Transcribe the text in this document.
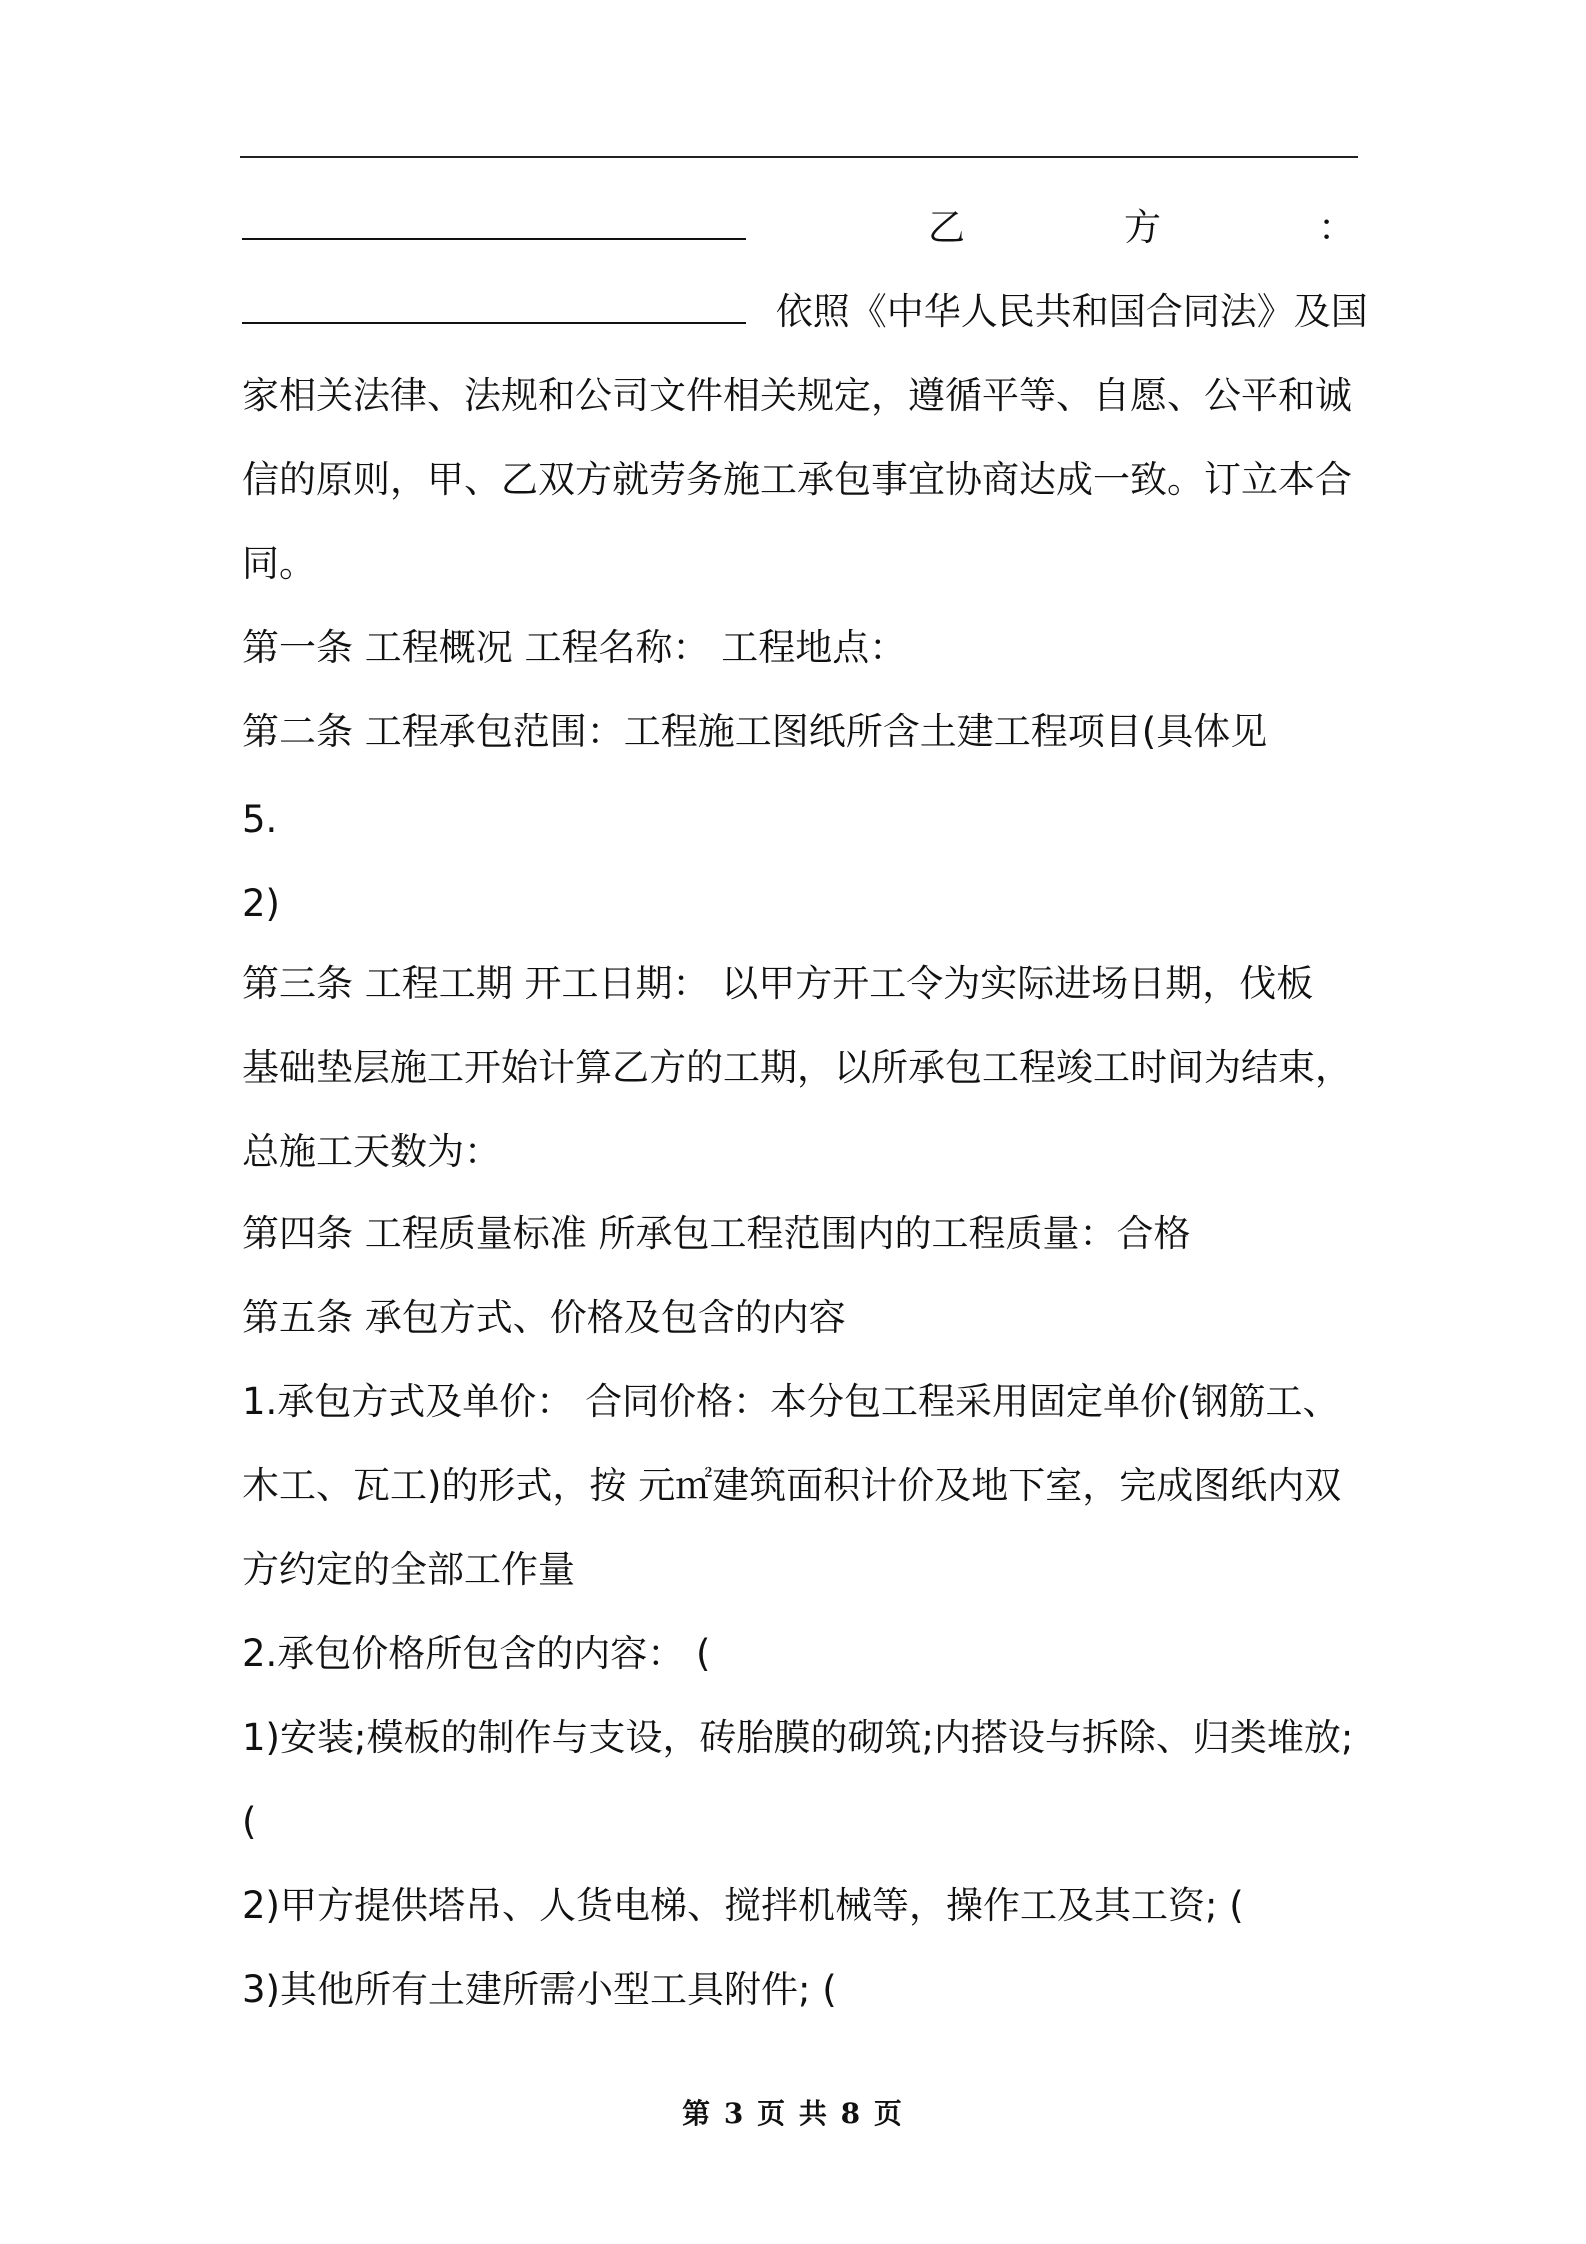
乙	方	：
依照《中华人民共和国合同法》及国
家相关法律、法规和公司文件相关规定，遵循平等、自愿、公平和诚
信的原则，甲、乙双方就劳务施工承包事宜协商达成一致。订立本合
同。
第一条 工程概况 工程名称： 工程地点：
第二条 工程承包范围：工程施工图纸所含土建工程项目(具体见
5.
2)
第三条 工程工期 开工日期： 以甲方开工令为实际进场日期，伐板
基础垫层施工开始计算乙方的工期，以所承包工程竣工时间为结束，
总施工天数为：
第四条 工程质量标准 所承包工程范围内的工程质量：合格
第五条 承包方式、价格及包含的内容
1.承包方式及单价： 合同价格：本分包工程采用固定单价(钢筋工、
木工、瓦工)的形式，按 元㎡建筑面积计价及地下室，完成图纸内双
方约定的全部工作量
2.承包价格所包含的内容： (
1)安装;模板的制作与支设，砖胎膜的砌筑;内搭设与拆除、归类堆放;
(
2)甲方提供塔吊、人货电梯、搅拌机械等，操作工及其工资; (
3)其他所有土建所需小型工具附件; (
第 3 页 共 8 页
